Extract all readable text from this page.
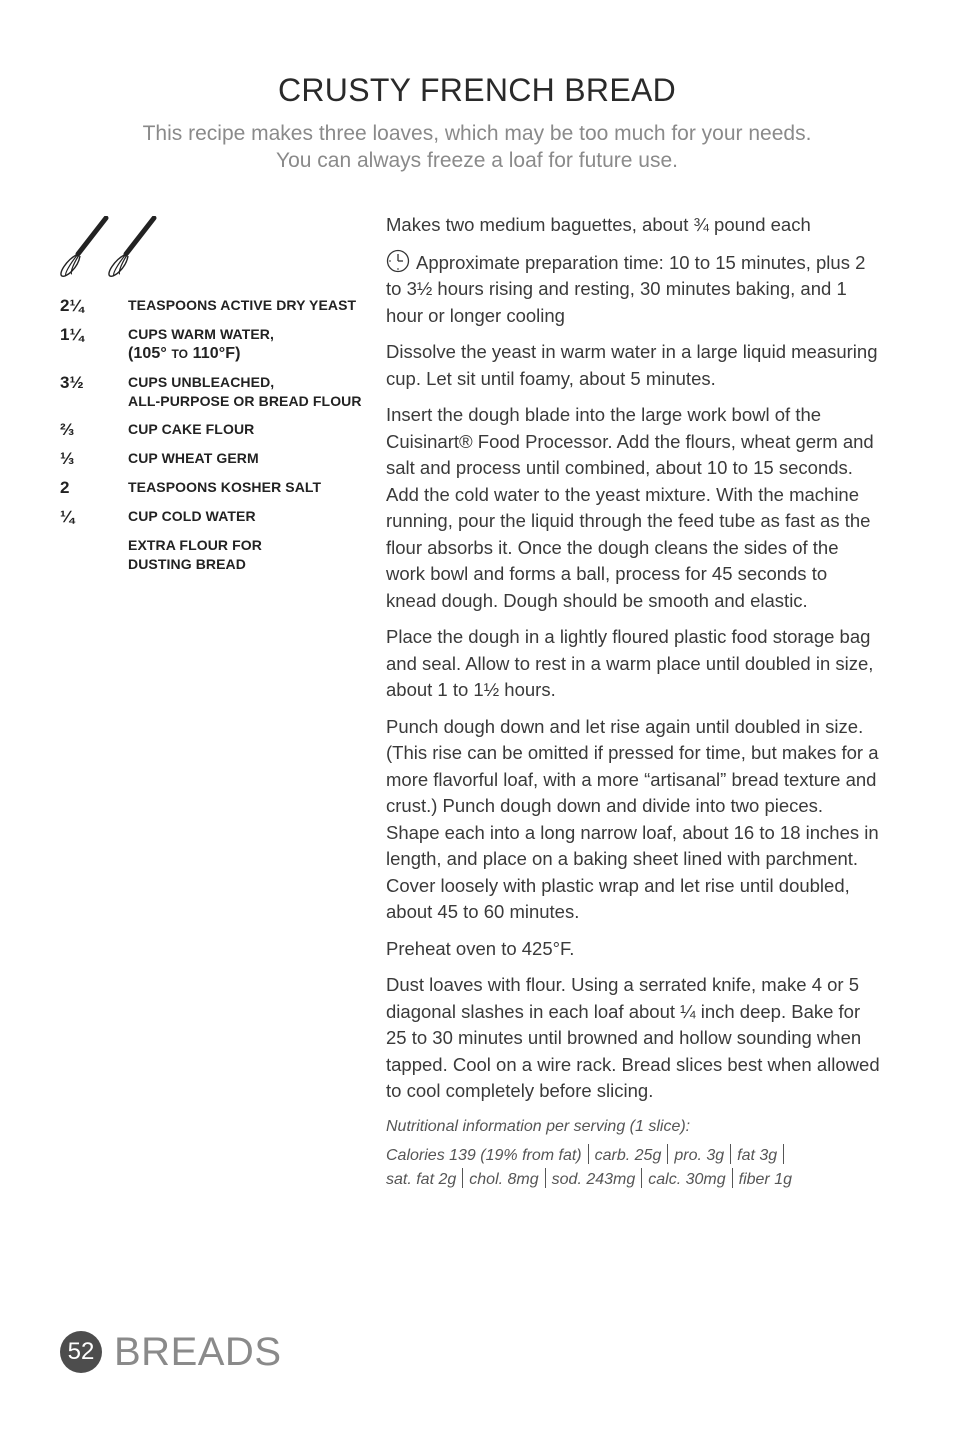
CRUSTY FRENCH BREAD
This recipe makes three loaves, which may be too much for your needs.
You can always freeze a loaf for future use.
2¼	TEASPOONS ACTIVE DRY YEAST
1¼	CUPS WARM WATER,
(105° TO 110°F)
3½	CUPS UNBLEACHED,
ALL-PURPOSE OR BREAD FLOUR
⅔	CUP CAKE FLOUR
⅓	CUP WHEAT GERM
2	TEASPOONS KOSHER SALT
¼	CUP COLD WATER
EXTRA FLOUR FOR
DUSTING BREAD

Makes two medium baguettes, about ¾ pound each

Approximate preparation time: 10 to 15 minutes, plus 2 to 3½ hours rising and resting, 30 minutes baking, and 1 hour or longer cooling

Dissolve the yeast in warm water in a large liquid measuring cup. Let sit until foamy, about 5 minutes.

Insert the dough blade into the large work bowl of the Cuisinart® Food Processor. Add the flours, wheat germ and salt and process until combined, about 10 to 15 seconds. Add the cold water to the yeast mixture. With the machine running, pour the liquid through the feed tube as fast as the flour absorbs it. Once the dough cleans the sides of the work bowl and forms a ball, process for 45 seconds to knead dough. Dough should be smooth and elastic.

Place the dough in a lightly floured plastic food storage bag and seal. Allow to rest in a warm place until doubled in size, about 1 to 1½ hours.

Punch dough down and let rise again until doubled in size. (This rise can be omitted if pressed for time, but makes for a more flavorful loaf, with a more “artisanal” bread texture and crust.) Punch dough down and divide into two pieces. Shape each into a long narrow loaf, about 16 to 18 inches in length, and place on a baking sheet lined with parchment. Cover loosely with plastic wrap and let rise until doubled, about 45 to 60 minutes.

Preheat oven to 425°F.

Dust loaves with flour. Using a serrated knife, make 4 or 5 diagonal slashes in each loaf about ¼ inch deep. Bake for 25 to 30 minutes until browned and hollow sounding when tapped. Cool on a wire rack. Bread slices best when allowed to cool completely before slicing.

Nutritional information per serving (1 slice):
Calories 139 (19% from fat) carb. 25g pro. 3g fat 3g
sat. fat 2g chol. 8mg sod. 243mg calc. 30mg fiber 1g
52 BREADS
